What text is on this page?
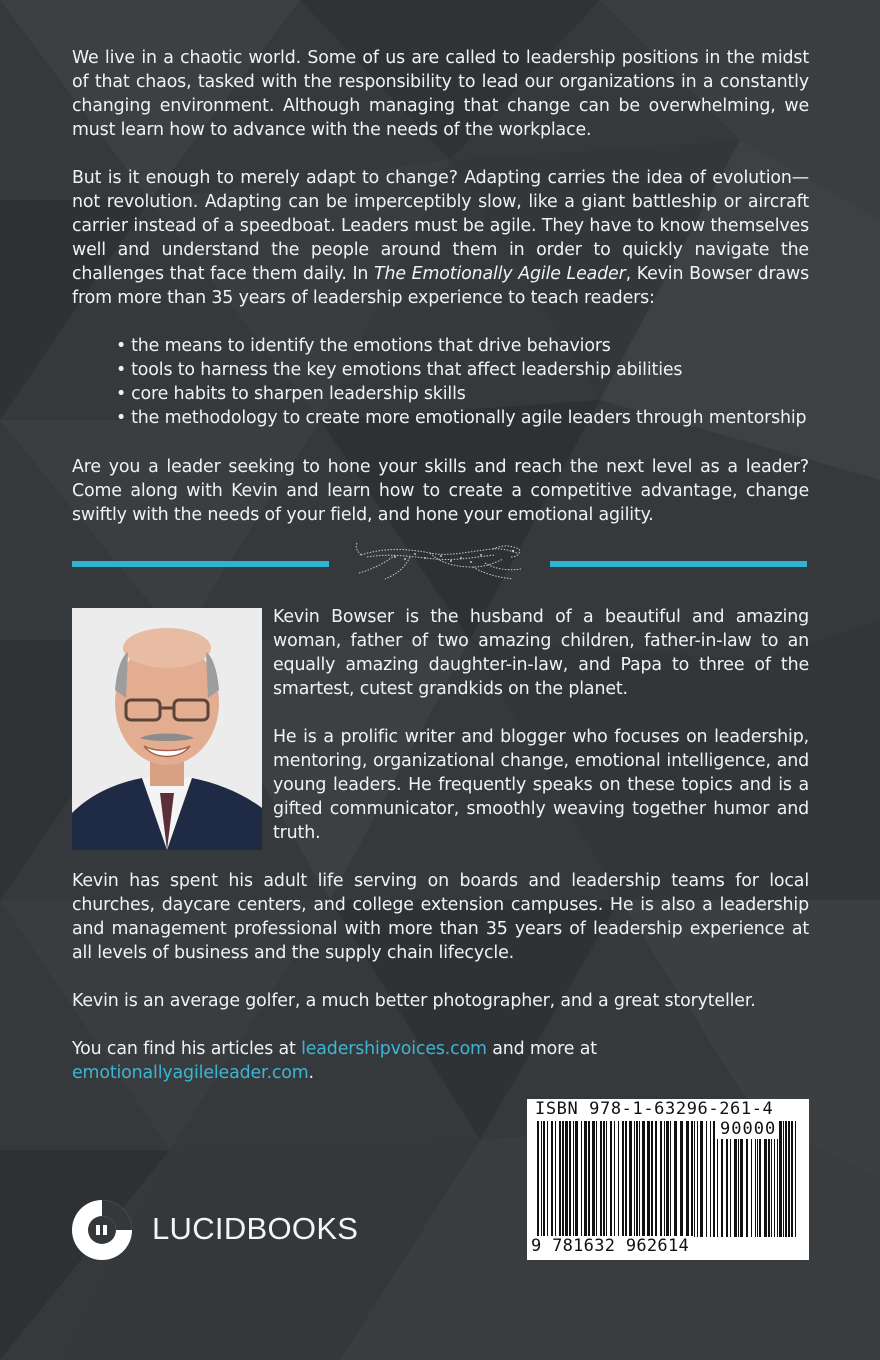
We live in a chaotic world. Some of us are called to leadership positions in the midst of that chaos, tasked with the responsibility to lead our organizations in a constantly changing environment. Although managing that change can be overwhelming, we must learn how to advance with the needs of the workplace.

But is it enough to merely adapt to change? Adapting carries the idea of evolution—not revolution. Adapting can be imperceptibly slow, like a giant battleship or aircraft carrier instead of a speedboat. Leaders must be agile. They have to know themselves well and understand the people around them in order to quickly navigate the challenges that face them daily. In The Emotionally Agile Leader, Kevin Bowser draws from more than 35 years of leadership experience to teach readers:

• the means to identify the emotions that drive behaviors
• tools to harness the key emotions that affect leadership abilities
• core habits to sharpen leadership skills
• the methodology to create more emotionally agile leaders through mentorship

Are you a leader seeking to hone your skills and reach the next level as a leader? Come along with Kevin and learn how to create a competitive advantage, change swiftly with the needs of your field, and hone your emotional agility.

Kevin Bowser is the husband of a beautiful and amazing woman, father of two amazing children, father-in-law to an equally amazing daughter-in-law, and Papa to three of the smartest, cutest grandkids on the planet.

He is a prolific writer and blogger who focuses on leadership, mentoring, organizational change, emotional intelligence, and young leaders. He frequently speaks on these topics and is a gifted communicator, smoothly weaving together humor and truth.

Kevin has spent his adult life serving on boards and leadership teams for local churches, daycare centers, and college extension campuses. He is also a leadership and management professional with more than 35 years of leadership experience at all levels of business and the supply chain lifecycle.

Kevin is an average golfer, a much better photographer, and a great storyteller.

You can find his articles at leadershipvoices.com and more at
emotionallyagileleader.com.

LUCIDBOOKS
ISBN 978-1-63296-261-4
90000
9 781632 962614
